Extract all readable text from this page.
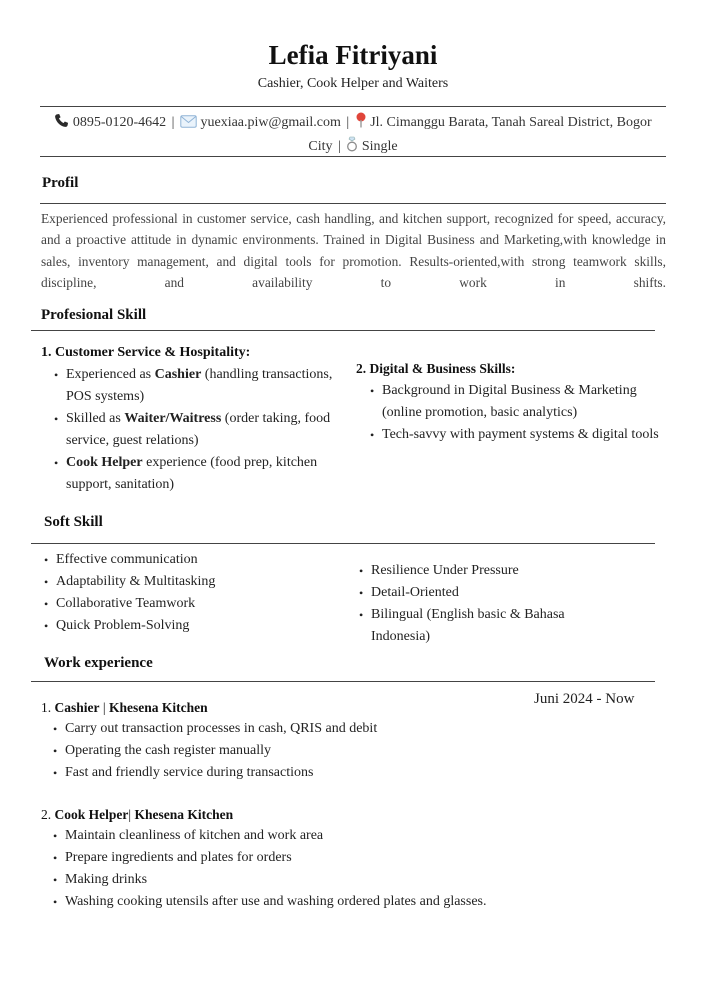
Lefia Fitriyani
Cashier, Cook Helper and Waiters
0895-0120-4642 | yuexiaa.piw@gmail.com | Jl. Cimanggu Barata, Tanah Sareal District, Bogor
City | Single
Profil
Experienced professional in customer service, cash handling, and kitchen support, recognized for speed, accuracy, and a proactive attitude in dynamic environments. Trained in Digital Business and Marketing,with knowledge in sales, inventory management, and digital tools for promotion. Results-oriented,with strong teamwork skills, discipline, and availability to work in shifts.
Profesional Skill
1. Customer Service & Hospitality:
• Experienced as Cashier (handling transactions, POS systems)
• Skilled as Waiter/Waitress (order taking, food service, guest relations)
• Cook Helper experience (food prep, kitchen support, sanitation)
2. Digital & Business Skills:
• Background in Digital Business & Marketing (online promotion, basic analytics)
• Tech-savvy with payment systems & digital tools
Soft Skill
• Effective communication
• Adaptability & Multitasking
• Collaborative Teamwork
• Quick Problem-Solving
• Resilience Under Pressure
• Detail-Oriented
• Bilingual (English basic & Bahasa Indonesia)
Work experience
Juni 2024 - Now
1. Cashier | Khesena Kitchen
• Carry out transaction processes in cash, QRIS and debit
• Operating the cash register manually
• Fast and friendly service during transactions
2. Cook Helper| Khesena Kitchen
• Maintain cleanliness of kitchen and work area
• Prepare ingredients and plates for orders
• Making drinks
• Washing cooking utensils after use and washing ordered plates and glasses.
